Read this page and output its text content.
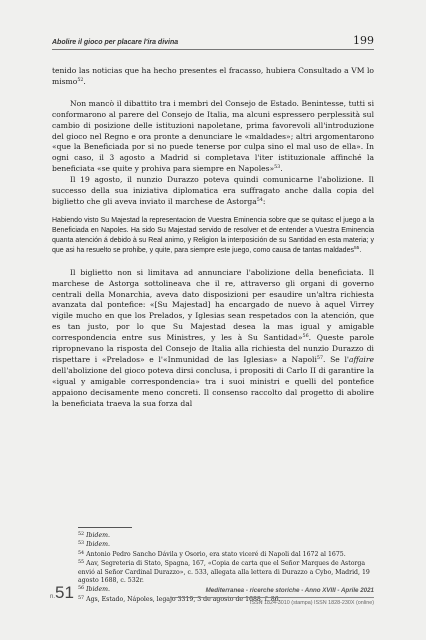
Abolire il gioco per placare l'ira divina	199

tenido las noticias que ha hecho presentes el fracasso, hubiera Consultado a VM lo mismo$^{52}$.

Non mancò il dibattito tra i membri del Consejo de Estado. Benintesse, tutti si conformarono al parere del Consejo de Italia, ma alcuni espressero perplessità sul cambio di posizione delle istituzioni napoletane, prima favorevoli all'introduzione del gioco nel Regno e ora pronte a denunciare le «maldades»; altri argomentarono «que la Beneficiada por si no puede tenerse por culpa sino el mal uso de ella». In ogni caso, il 3 agosto a Madrid si completava l'iter istituzionale affinché la beneficiata «se quite y prohiva para siempre en Napoles»$^{53}$.

Il 19 agosto, il nunzio Durazzo poteva quindi comunicarne l'abolizione. Il successo della sua iniziativa diplomatica era suffragato anche dalla copia del biglietto che gli aveva inviato il marchese de Astorga$^{54}$:

Habiendo visto Su Majestad la representacion de Vuestra Eminencia sobre que se quitasc el juego a la Beneficiada en Napoles. Ha sido Su Majestad servido de resolver et de entender a Vuestra Eminencia quanta atención á debido à su Real animo, y Religion la interposición de su Santidad en esta materia; y que asi ha resuelto se prohibe, y quite, para siempre este juego, como causa de tantas maldades$^{55}$.

Il biglietto non si limitava ad annunciare l'abolizione della beneficiata. Il marchese de Astorga sottolineava che il re, attraverso gli organi di governo centrali della Monarchia, aveva dato disposizioni per esaudire un'altra richiesta avanzata dal pontefice: «[Su Majestad] ha encargado de nuevo à aquel Virrey vigile mucho en que los Prelados, y Iglesias sean respetados con la atención, que es tan justo, por lo que Su Majestad desea la mas igual y amigable correspondencia entre sus Ministres, y les à Su Santidad»$^{56}$. Queste parole ripropnevano la risposta del Consejo de Italia alla richiesta del nunzio Durazzo di rispettare i «Prelados» e l'«Inmunidad de las Iglesias» a Napoli$^{57}$. Se l'affaire dell'abolizione del gioco poteva dirsi conclusa, i propositi di Carlo II di garantire la «igual y amigable correspondencia» tra i suoi ministri e quelli del pontefice appaiono decisamente meno concreti. Il consenso raccolto dal progetto di abolire la beneficiata traeva la sua forza dal

$^{52}$ Ibidem.

$^{53}$ Ibidem.

$^{54}$ Antonio Pedro Sancho Dávila y Osorio, era stato viceré di Napoli dal 1672 al 1675.

$^{55}$ Aav, Segreteria di Stato, Spagna, 167, «Copia de carta que el Señor Marques de Astorga envió al Señor Cardinal Durazzo», c. 533, allegata alla lettera di Durazzo a Cybo, Madrid, 19 agosto 1688, c. 532r.

$^{56}$ Ibidem.

$^{57}$ Ags, Estado, Nápoles, legajo 3319, 3 de agosto de 1688, f. 86.

n. 51	Mediterranea - ricerche storiche - Anno XVIII - Aprile 2021
ISSN 1824-3010 (stampa) ISSN 1828-230X (online)
